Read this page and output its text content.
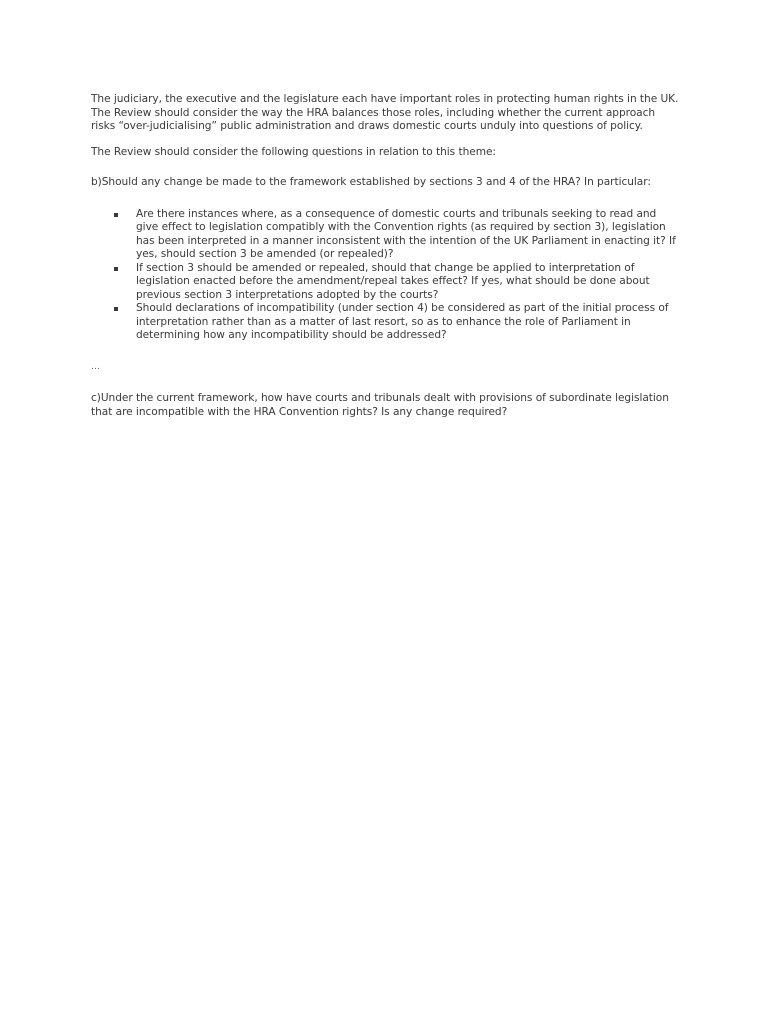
The judiciary, the executive and the legislature each have important roles in protecting human rights in the UK. The Review should consider the way the HRA balances those roles, including whether the current approach risks “over-judicialising” public administration and draws domestic courts unduly into questions of policy.

The Review should consider the following questions in relation to this theme:

b)Should any change be made to the framework established by sections 3 and 4 of the HRA? In particular:

Are there instances where, as a consequence of domestic courts and tribunals seeking to read and give effect to legislation compatibly with the Convention rights (as required by section 3), legislation has been interpreted in a manner inconsistent with the intention of the UK Parliament in enacting it? If yes, should section 3 be amended (or repealed)?
If section 3 should be amended or repealed, should that change be applied to interpretation of legislation enacted before the amendment/repeal takes effect? If yes, what should be done about previous section 3 interpretations adopted by the courts?
Should declarations of incompatibility (under section 4) be considered as part of the initial process of interpretation rather than as a matter of last resort, so as to enhance the role of Parliament in determining how any incompatibility should be addressed?

…

c)Under the current framework, how have courts and tribunals dealt with provisions of subordinate legislation that are incompatible with the HRA Convention rights? Is any change required?
